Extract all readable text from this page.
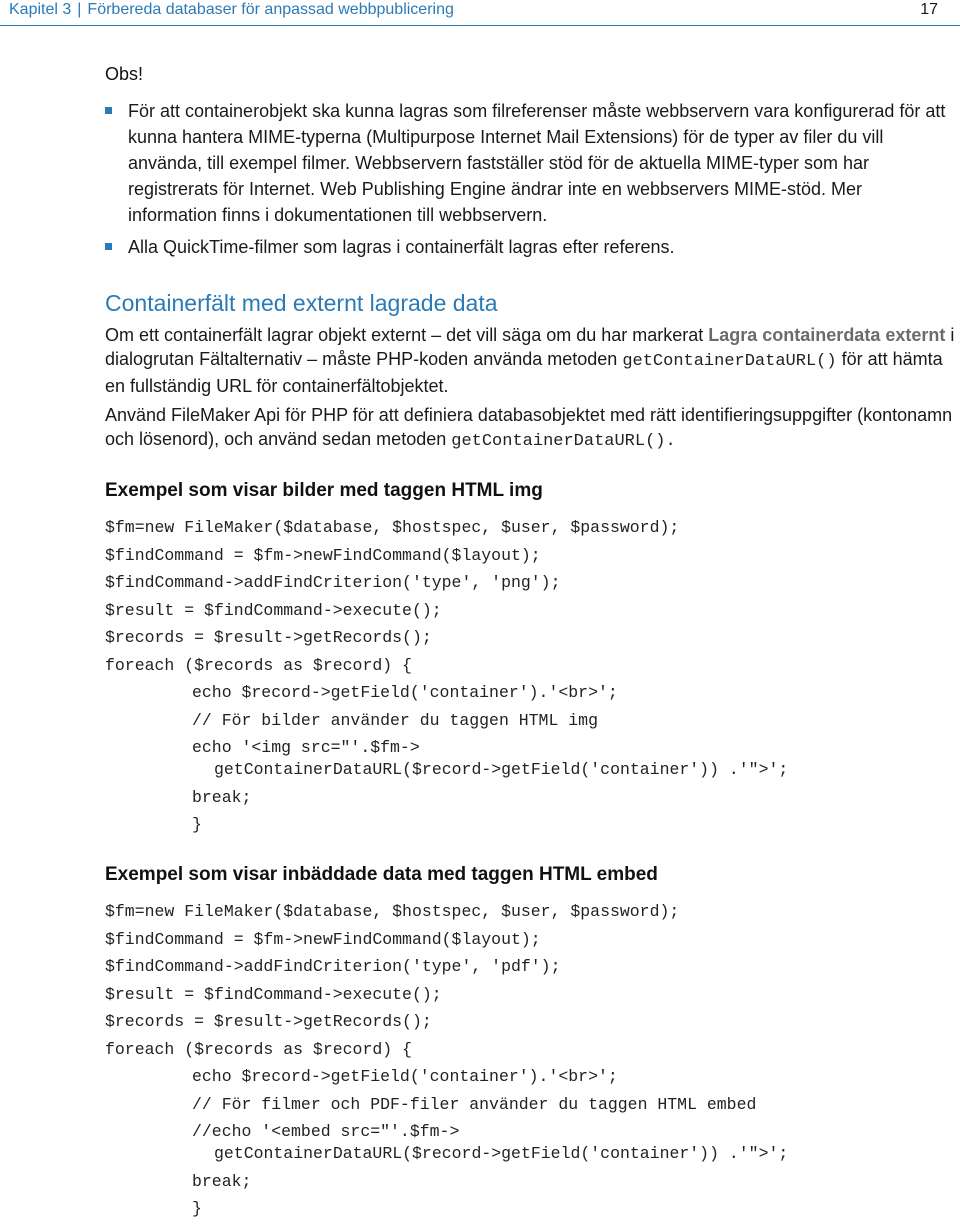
Kapitel 3 | Förbereda databaser för anpassad webbpublicering	17
Obs!
För att containerobjekt ska kunna lagras som filreferenser måste webbservern vara konfigurerad för att kunna hantera MIME-typerna (Multipurpose Internet Mail Extensions) för de typer av filer du vill använda, till exempel filmer. Webbservern fastställer stöd för de aktuella MIME-typer som har registrerats för Internet. Web Publishing Engine ändrar inte en webbservers MIME-stöd. Mer information finns i dokumentationen till webbservern.
Alla QuickTime-filmer som lagras i containerfält lagras efter referens.
Containerfält med externt lagrade data

Om ett containerfält lagrar objekt externt – det vill säga om du har markerat Lagra containerdata externt i dialogrutan Fältalternativ – måste PHP-koden använda metoden getContainerDataURL() för att hämta en fullständig URL för containerfältobjektet.

Använd FileMaker Api för PHP för att definiera databasobjektet med rätt identifieringsuppgifter (kontonamn och lösenord), och använd sedan metoden getContainerDataURL().

Exempel som visar bilder med taggen HTML img
$fm=new FileMaker($database, $hostspec, $user, $password);
$findCommand = $fm->newFindCommand($layout);
$findCommand->addFindCriterion('type', 'png');
$result = $findCommand->execute();
$records = $result->getRecords();
foreach ($records as $record) {
echo $record->getField('container').'<br>';
// För bilder använder du taggen HTML img
echo '<img src="'.$fm->
getContainerDataURL($record->getField('container')) .'">';
break;
}
Exempel som visar inbäddade data med taggen HTML embed
$fm=new FileMaker($database, $hostspec, $user, $password);
$findCommand = $fm->newFindCommand($layout);
$findCommand->addFindCriterion('type', 'pdf');
$result = $findCommand->execute();
$records = $result->getRecords();
foreach ($records as $record) {
echo $record->getField('container').'<br>';
// För filmer och PDF-filer använder du taggen HTML embed
//echo '<embed src="'.$fm->
getContainerDataURL($record->getField('container')) .'">';
break;
}
